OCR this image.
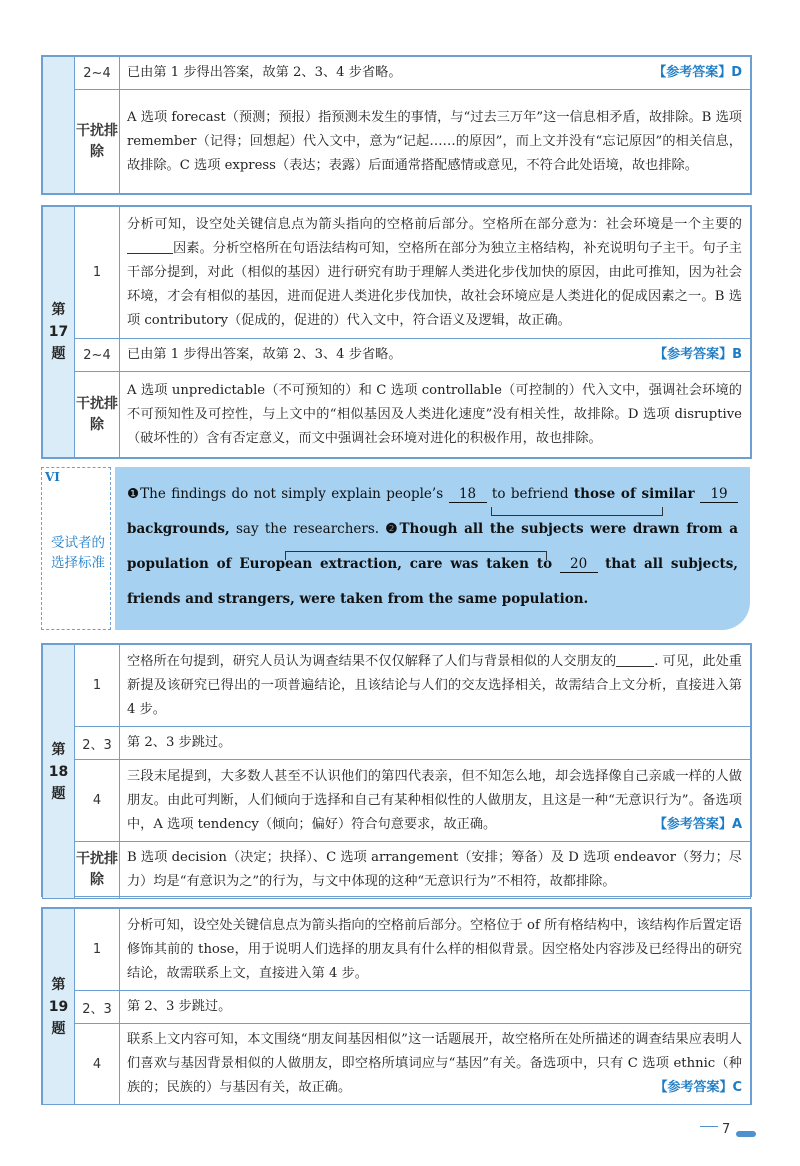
	2~4	已由第 1 步得出答案，故第 2、3、4 步省略。 【参考答案】D

	干扰排除	A 选项 forecast（预测；预报）指预测未发生的事情，与“过去三万年”这一信息相矛盾，故排除。B 选项 remember（记得；回想起）代入文中，意为“记起……的原因”，而上文并没有“忘记原因”的相关信息，故排除。C 选项 express（表达；表露）后面通常搭配感情或意见，不符合此处语境，故也排除。
第17题	1	分析可知，设空处关键信息点为箭头指向的空格前后部分。空格所在部分意为：社会环境是一个主要的因素。分析空格所在句语法结构可知，空格所在部分为独立主格结构，补充说明句子主干。句子主干部分提到，对此（相似的基因）进行研究有助于理解人类进化步伐加快的原因，由此可推知，因为社会环境，才会有相似的基因，进而促进人类进化步伐加快，故社会环境应是人类进化的促成因素之一。B 选项 contributory（促成的，促进的）代入文中，符合语义及逻辑，故正确。
	2~4	已由第 1 步得出答案，故第 2、3、4 步省略。 【参考答案】B

	干扰排除	A 选项 unpredictable（不可预知的）和 C 选项 controllable（可控制的）代入文中，强调社会环境的不可预知性及可控性，与上文中的“相似基因及人类进化速度”没有相关性，故排除。D 选项 disruptive（破坏性的）含有否定意义，而文中强调社会环境对进化的积极作用，故也排除。
VI
受试者的选择标准
❶The findings do not simply explain people’s 18 to befriend those of similar 19 backgrounds, say the researchers. ❷Though all the subjects were drawn from a population of European extraction, care was taken to 20 that all subjects, friends and strangers, were taken from the same population.
第18题	1	空格所在句提到，研究人员认为调查结果不仅仅解释了人们与背景相似的人交朋友的 . 可见，此处重新提及该研究已得出的一项普遍结论，且该结论与人们的交友选择相关，故需结合上文分析，直接进入第 4 步。
	2、3	第 2、3 步跳过。
	4	三段末尾提到，大多数人甚至不认识他们的第四代表亲，但不知怎么地，却会选择像自己亲戚一样的人做朋友。由此可判断，人们倾向于选择和自己有某种相似性的人做朋友，且这是一种“无意识行为”。备选项中，A 选项 tendency（倾向；偏好）符合句意要求，故正确。 【参考答案】A

	干扰排除	B 选项 decision（决定；抉择）、C 选项 arrangement（安排；筹备）及 D 选项 endeavor（努力；尽力）均是“有意识为之”的行为，与文中体现的这种“无意识行为”不相符，故都排除。
第19题	1	分析可知，设空处关键信息点为箭头指向的空格前后部分。空格位于 of 所有格结构中，该结构作后置定语修饰其前的 those，用于说明人们选择的朋友具有什么样的相似背景。因空格处内容涉及已经得出的研究结论，故需联系上文，直接进入第 4 步。
	2、3	第 2、3 步跳过。
	4	联系上文内容可知，本文围绕“朋友间基因相似”这一话题展开，故空格所在处所描述的调查结果应表明人们喜欢与基因背景相似的人做朋友，即空格所填词应与“基因”有关。备选项中，只有 C 选项 ethnic（种族的；民族的）与基因有关，故正确。 【参考答案】C
7
